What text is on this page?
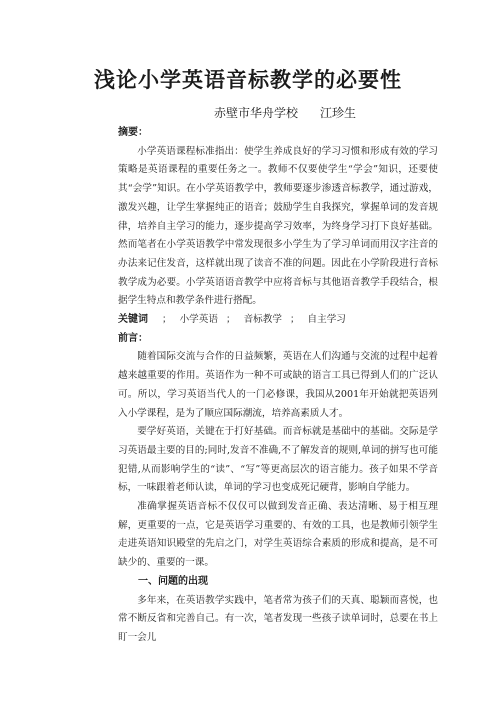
浅论小学英语音标教学的必要性

赤壁市华舟学校 江珍生

摘要：

小学英语课程标准指出：使学生养成良好的学习习惯和形成有效的学习策略是英语课程的重要任务之一。教师不仅要使学生“学会”知识，还要使其“会学”知识。在小学英语教学中，教师要逐步渗透音标教学，通过游戏，激发兴趣，让学生掌握纯正的语音；鼓励学生自我探究，掌握单词的发音规律，培养自主学习的能力，逐步提高学习效率，为终身学习打下良好基础。然而笔者在小学英语教学中常发现很多小学生为了学习单词而用汉字注音的办法来记住发音，这样就出现了读音不准的问题。因此在小学阶段进行音标教学成为必要。小学英语语音教学中应将音标与其他语音教学手段结合，根据学生特点和教学条件进行搭配。

关键词 ； 小学英语 ； 音标教学 ； 自主学习

前言：

随着国际交流与合作的日益频繁，英语在人们沟通与交流的过程中起着越来越重要的作用。英语作为一种不可或缺的语言工具已得到人们的广泛认可。所以，学习英语当代人的一门必修课，我国从2001年开始就把英语列入小学课程，是为了顺应国际潮流，培养高素质人才。

要学好英语，关键在于打好基础。而音标就是基础中的基础。交际是学习英语最主要的目的;同时,发音不准确,不了解发音的规则,单词的拼写也可能犯错,从而影响学生的“读”、“写”等更高层次的语言能力。孩子如果不学音标，一味跟着老师认读，单词的学习也变成死记硬背，影响自学能力。

准确掌握英语音标不仅仅可以做到发音正确、表达清晰、易于相互理解，更重要的一点，它是英语学习重要的、有效的工具，也是教师引领学生走进英语知识殿堂的先启之门，对学生英语综合素质的形成和提高，是不可缺少的、重要的一课。

一、问题的出现

多年来，在英语教学实践中，笔者常为孩子们的天真、聪颖而喜悦，也常不断反省和完善自己。有一次，笔者发现一些孩子读单词时，总要在书上盯一会儿
